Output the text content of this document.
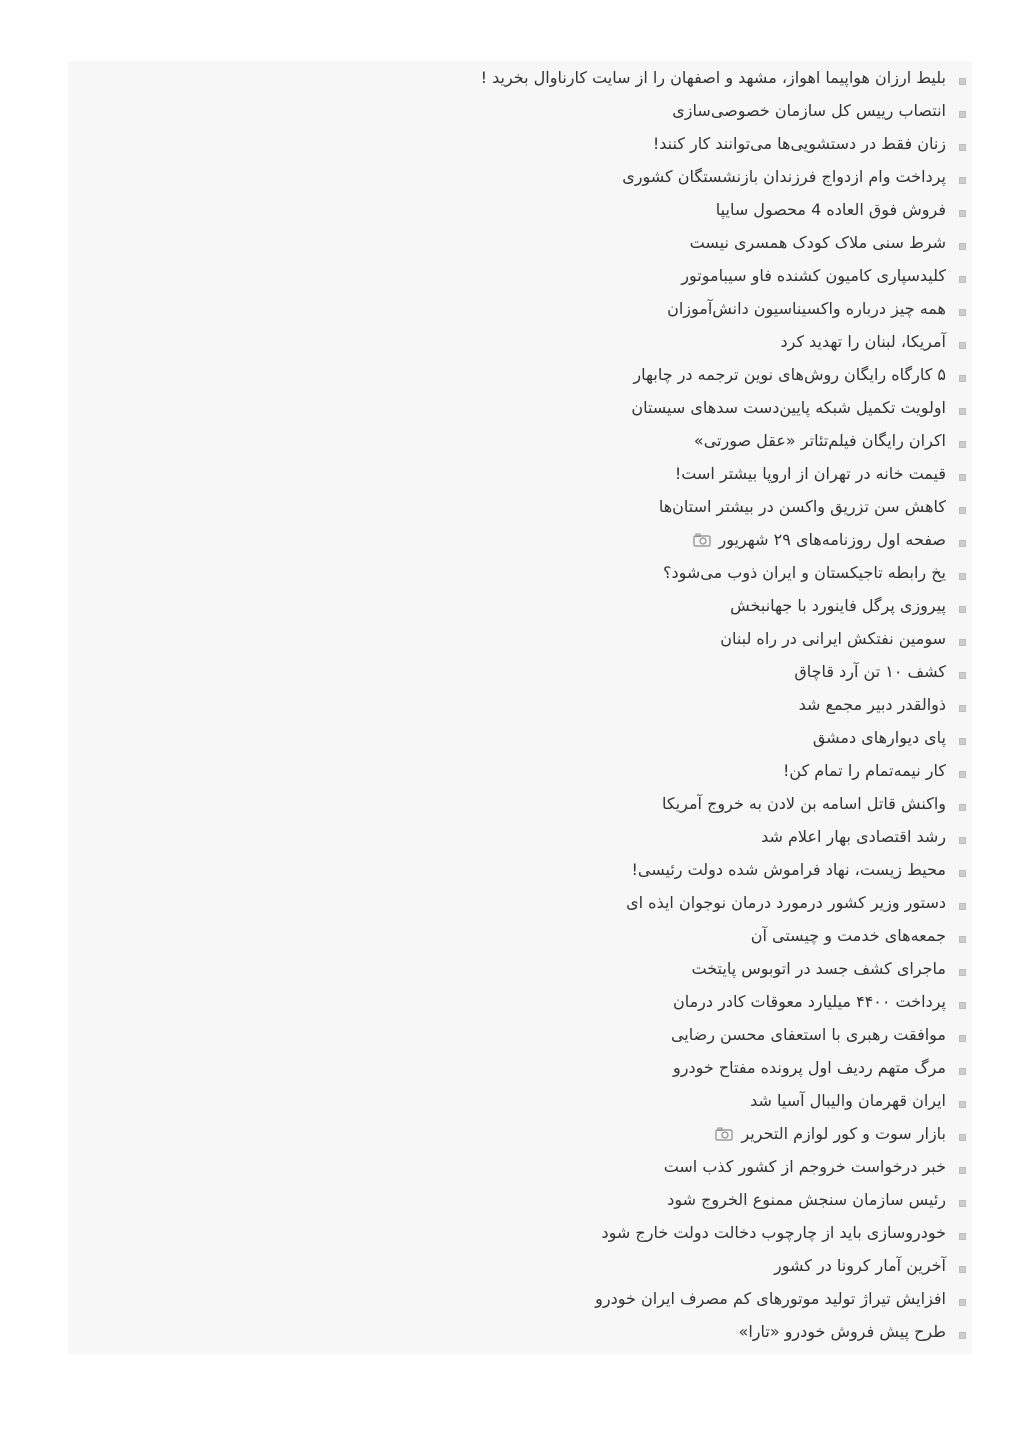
بلیط ارزان هواپیما اهواز، مشهد و اصفهان را از سایت کارناوال بخرید !
انتصاب رییس کل سازمان خصوصی‌سازی
زنان فقط در دستشویی‌ها می‌توانند کار کنند!
پرداخت وام ازدواج فرزندان بازنشستگان کشوری
فروش فوق العاده 4 محصول سایپا
شرط سنی ملاک کودک همسری نیست
کلیدسپاری کامیون کشنده فاو سیباموتور
همه چیز درباره واکسیناسیون دانش‌آموزان
آمریکا، لبنان را تهدید کرد
۵ کارگاه رایگان روش‌های نوین ترجمه در چابهار
اولویت تکمیل شبکه پایین‌دست سدهای سیستان
اکران رایگان فیلم‌تئاتر «عقل صورتی»
قیمت خانه در تهران از اروپا بیشتر است!
کاهش سن تزریق واکسن در بیشتر استان‌ها
صفحه اول روزنامه‌های ۲۹ شهریور
یخ رابطه تاجیکستان و ایران ذوب می‌شود؟
پیروزی پرگل فاینورد با جهانبخش
سومین نفتکش ایرانی در راه لبنان
کشف ۱۰ تن آرد قاچاق
ذوالقدر دبیر مجمع شد
پای دیوارهای دمشق
کار نیمه‌تمام را تمام کن!
واکنش قاتل اسامه بن لادن به خروج آمریکا
رشد اقتصادی بهار اعلام شد
محیط زیست، نهاد فراموش شده دولت رئیسی!
دستور وزیر کشور درمورد درمان نوجوان ایذه ای
جمعه‌های خدمت و چیستی آن
ماجرای کشف جسد در اتوبوس پایتخت
پرداخت ۴۴۰۰ میلیارد معوقات کادر درمان
موافقت رهبری با استعفای محسن رضایی
مرگ متهم ردیف اول پرونده مفتاح خودرو
ایران قهرمان والیبال آسیا شد
بازار سوت و کور لوازم التحریر
خبر درخواست خروجم از کشور کذب است
رئیس سازمان سنجش ممنوع الخروج شود
خودروسازی باید از چارچوب دخالت دولت خارج شود
آخرین آمار کرونا در کشور
افزایش تیراژ تولید موتورهای کم مصرف ایران خودرو
طرح پیش فروش خودرو «تارا»
